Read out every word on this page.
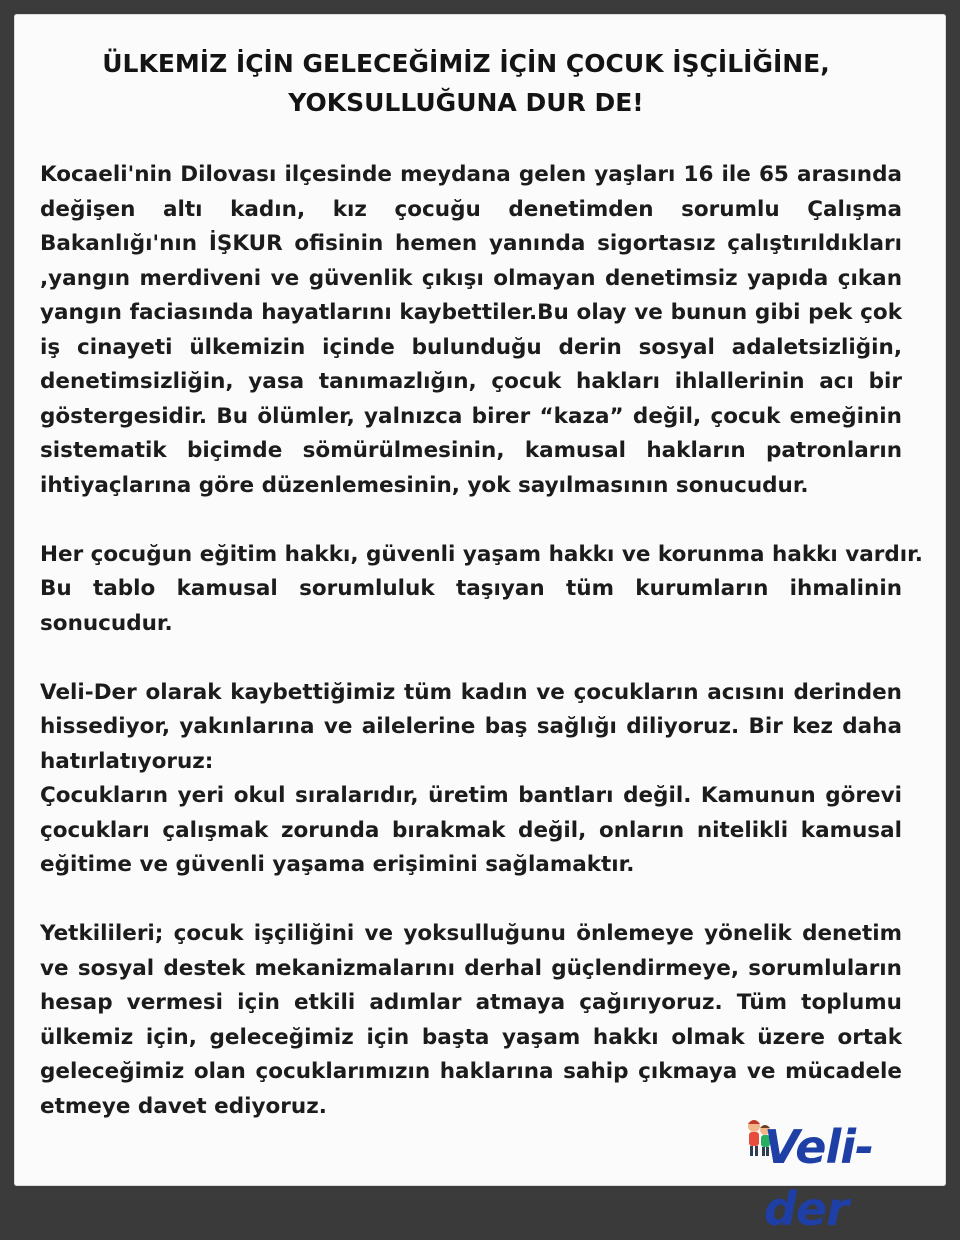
ÜLKEMİZ İÇİN GELECEĞİMİZ İÇİN ÇOCUK İŞÇİLİĞİNE,
YOKSULLUĞUNA DUR DE!
Kocaeli'nin Dilovası ilçesinde meydana gelen yaşları 16 ile 65 arasında
değişen altı kadın, kız çocuğu denetimden sorumlu Çalışma
Bakanlığı'nın İŞKUR ofisinin hemen yanında sigortasız çalıştırıldıkları
,yangın merdiveni ve güvenlik çıkışı olmayan denetimsiz yapıda çıkan
yangın faciasında hayatlarını kaybettiler.Bu olay ve bunun gibi pek çok
iş cinayeti ülkemizin içinde bulunduğu derin sosyal adaletsizliğin,
denetimsizliğin, yasa tanımazlığın, çocuk hakları ihlallerinin acı bir
göstergesidir. Bu ölümler, yalnızca birer “kaza” değil, çocuk emeğinin
sistematik biçimde sömürülmesinin, kamusal hakların patronların
ihtiyaçlarına göre düzenlemesinin, yok sayılmasının sonucudur.
Her çocuğun eğitim hakkı, güvenli yaşam hakkı ve korunma hakkı vardır.
Bu tablo kamusal sorumluluk taşıyan tüm kurumların ihmalinin
sonucudur.
Veli-Der olarak kaybettiğimiz tüm kadın ve çocukların acısını derinden
hissediyor, yakınlarına ve ailelerine baş sağlığı diliyoruz. Bir kez daha
hatırlatıyoruz:
Çocukların yeri okul sıralarıdır, üretim bantları değil. Kamunun görevi
çocukları çalışmak zorunda bırakmak değil, onların nitelikli kamusal
eğitime ve güvenli yaşama erişimini sağlamaktır.
Yetkilileri; çocuk işçiliğini ve yoksulluğunu önlemeye yönelik denetim
ve sosyal destek mekanizmalarını derhal güçlendirmeye, sorumluların
hesap vermesi için etkili adımlar atmaya çağırıyoruz. Tüm toplumu
ülkemiz için, geleceğimiz için başta yaşam hakkı olmak üzere ortak
geleceğimiz olan çocuklarımızın haklarına sahip çıkmaya ve mücadele
etmeye davet ediyoruz.
Veli-der
